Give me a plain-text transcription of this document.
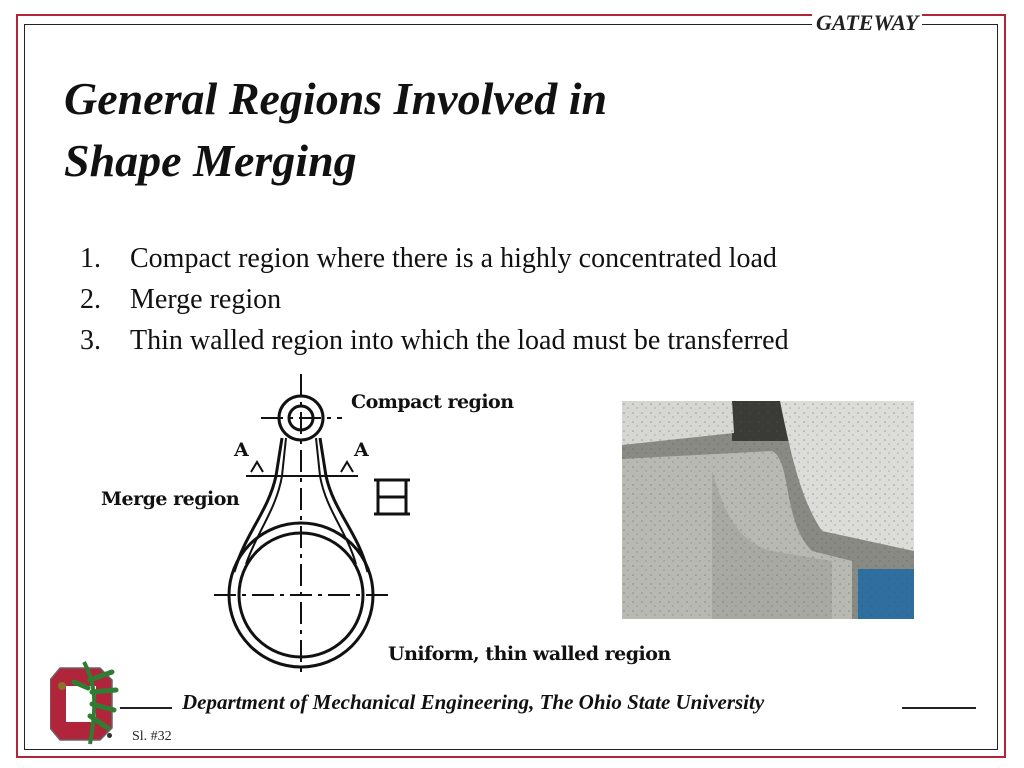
GATEWAY
General Regions Involved in
Shape Merging
1.	Compact region where there is a highly concentrated load
2.	Merge region
3.	Thin walled region into which the load must be transferred
Compact region
Merge region
Uniform, thin walled region
A	A
Department of Mechanical Engineering, The Ohio State University
Sl. #32
